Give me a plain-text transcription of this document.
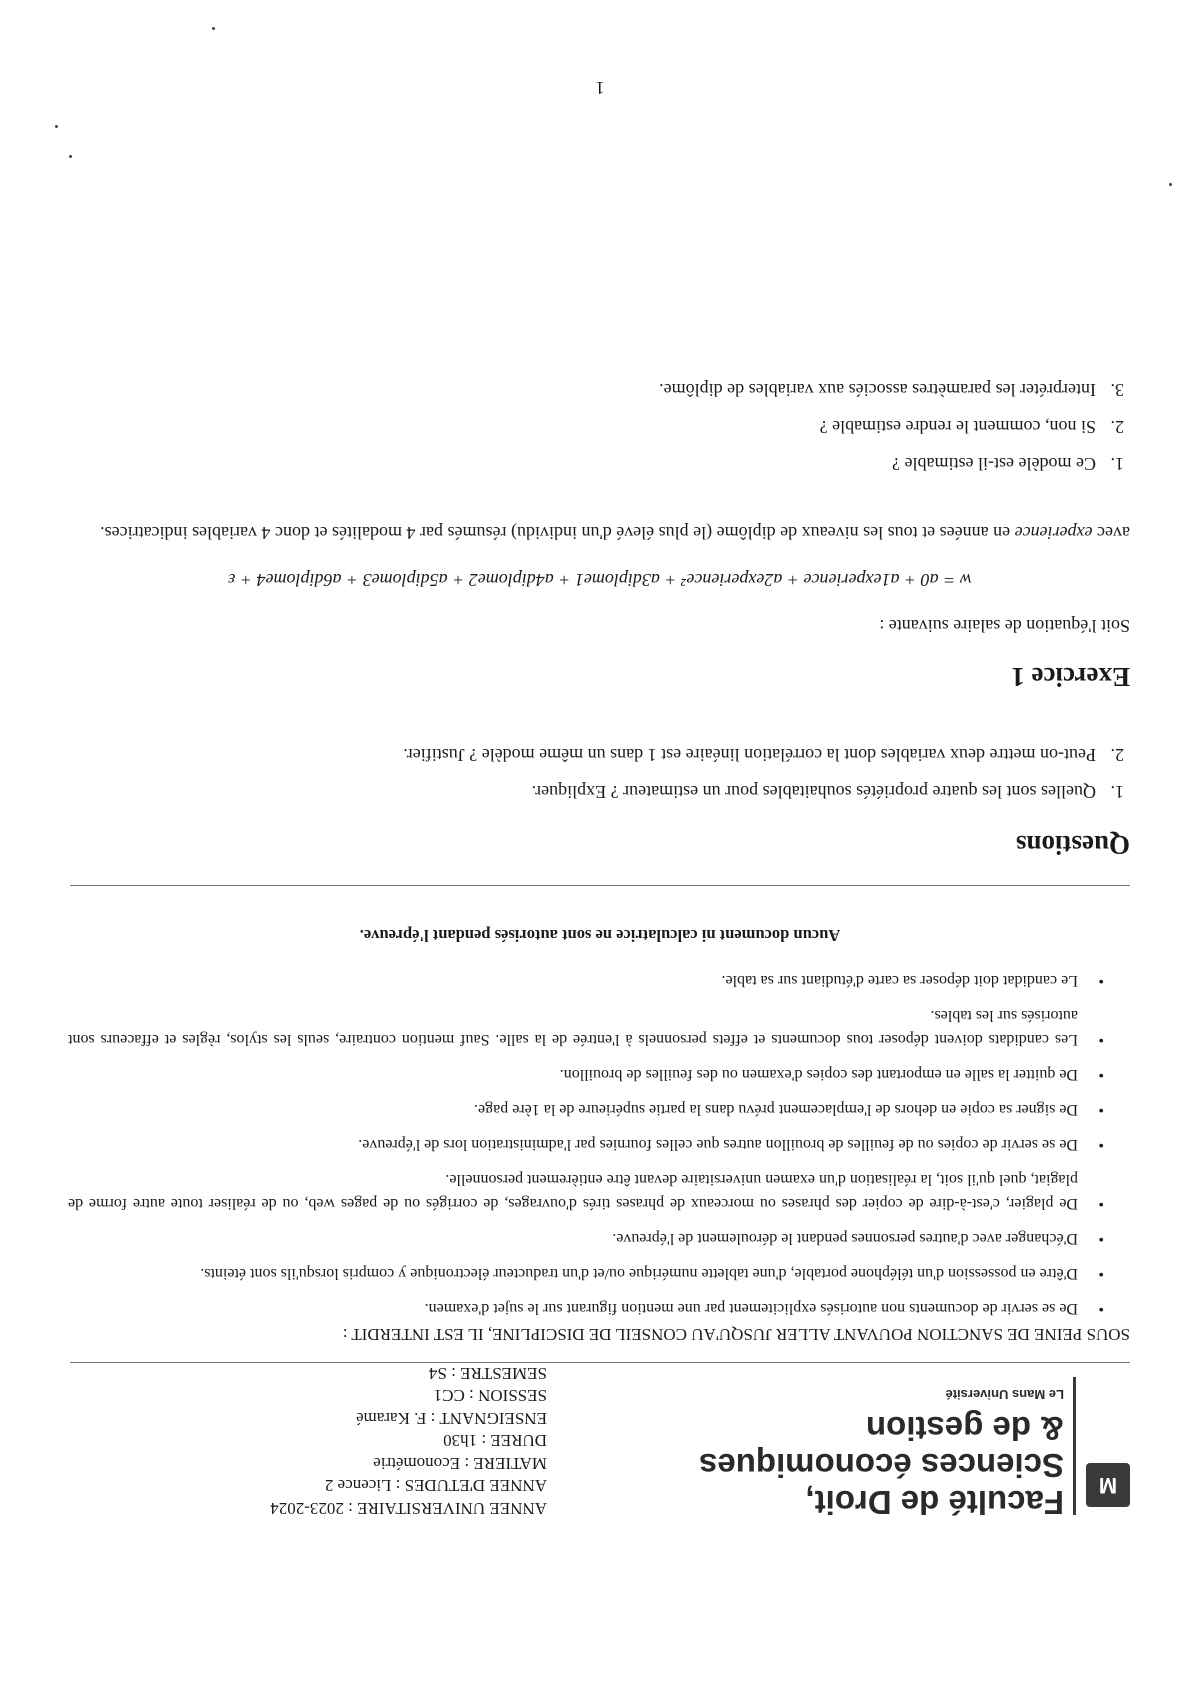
M
Faculté de Droit,
Sciences économiques
& de gestion
Le Mans Université
ANNEE UNIVERSITAIRE : 2023-2024
ANNEE D'ETUDES : Licence 2
MATIERE : Econométrie
DUREE : 1h30
ENSEIGNANT : F. Karamé
SESSION : CC1
SEMESTRE : S4
SOUS PEINE DE SANCTION POUVANT ALLER JUSQU'AU CONSEIL DE DISCIPLINE, IL EST INTERDIT :
• De se servir de documents non autorisés explicitement par une mention figurant sur le sujet d'examen.
• D'être en possession d'un téléphone portable, d'une tablette numérique ou/et d'un traducteur électronique y compris lorsqu'ils sont éteints.
• D'échanger avec d'autres personnes pendant le déroulement de l'épreuve.
• De plagier, c'est-à-dire de copier des phrases ou morceaux de phrases tirés d'ouvrages, de corrigés ou de pages web, ou de réaliser toute autre forme de plagiat, quel qu'il soit, la réalisation d'un examen universitaire devant être entièrement personnelle.
• De se servir de copies ou de feuilles de brouillon autres que celles fournies par l'administration lors de l'épreuve.
• De signer sa copie en dehors de l'emplacement prévu dans la partie supérieure de la 1ère page.
• De quitter la salle en emportant des copies d'examen ou des feuilles de brouillon.
• Les candidats doivent déposer tous documents et effets personnels à l'entrée de la salle. Sauf mention contraire, seuls les stylos, règles et effaceurs sont autorisés sur les tables.
• Le candidat doit déposer sa carte d'étudiant sur sa table.
Aucun document ni calculatrice ne sont autorisés pendant l'épreuve.
Questions
1.
Quelles sont les quatre propriétés souhaitables pour un estimateur ? Expliquer.
2.
Peut-on mettre deux variables dont la corrélation linéaire est 1 dans un même modèle ? Justifier.
Exercice 1
Soit l'équation de salaire suivante :
w = a0 + a1experience + a2experience² + a3diplome1 + a4diplome2 + a5diplome3 + a6diplome4 + ε
avec experience en années et tous les niveaux de diplôme (le plus élevé d'un individu) résumés par 4 modalités et donc 4 variables indicatrices.
1.
Ce modèle est-il estimable ?
2.
Si non, comment le rendre estimable ?
3.
Interpréter les paramètres associés aux variables de diplôme.
1
